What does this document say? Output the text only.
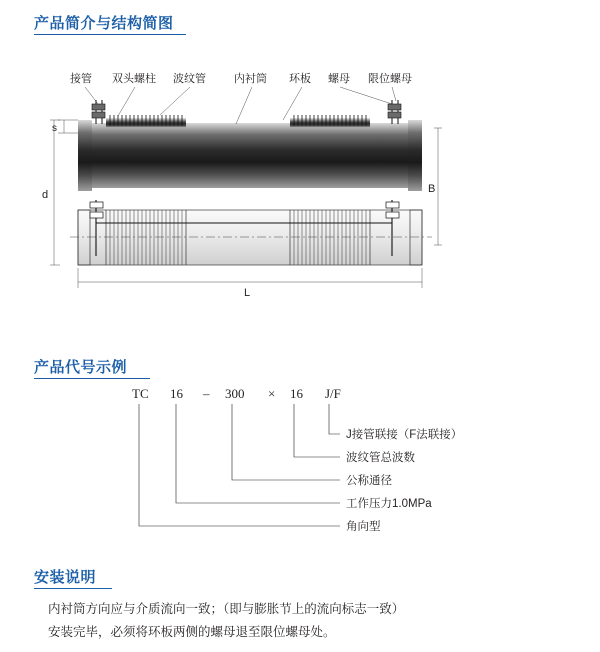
产品简介与结构简图
接管 双头螺柱 波纹管	内衬筒 环板 螺母 限位螺母
s
d	B
L
产品代号示例
TC 16 – 300 × 16 J/F
J接管联接（F法联接）
波纹管总波数
公称通径
工作压力1.0MPa
角向型
安装说明

内衬筒方向应与介质流向一致；（即与膨胀节上的流向标志一致）

安装完毕，必须将环板两侧的螺母退至限位螺母处。
